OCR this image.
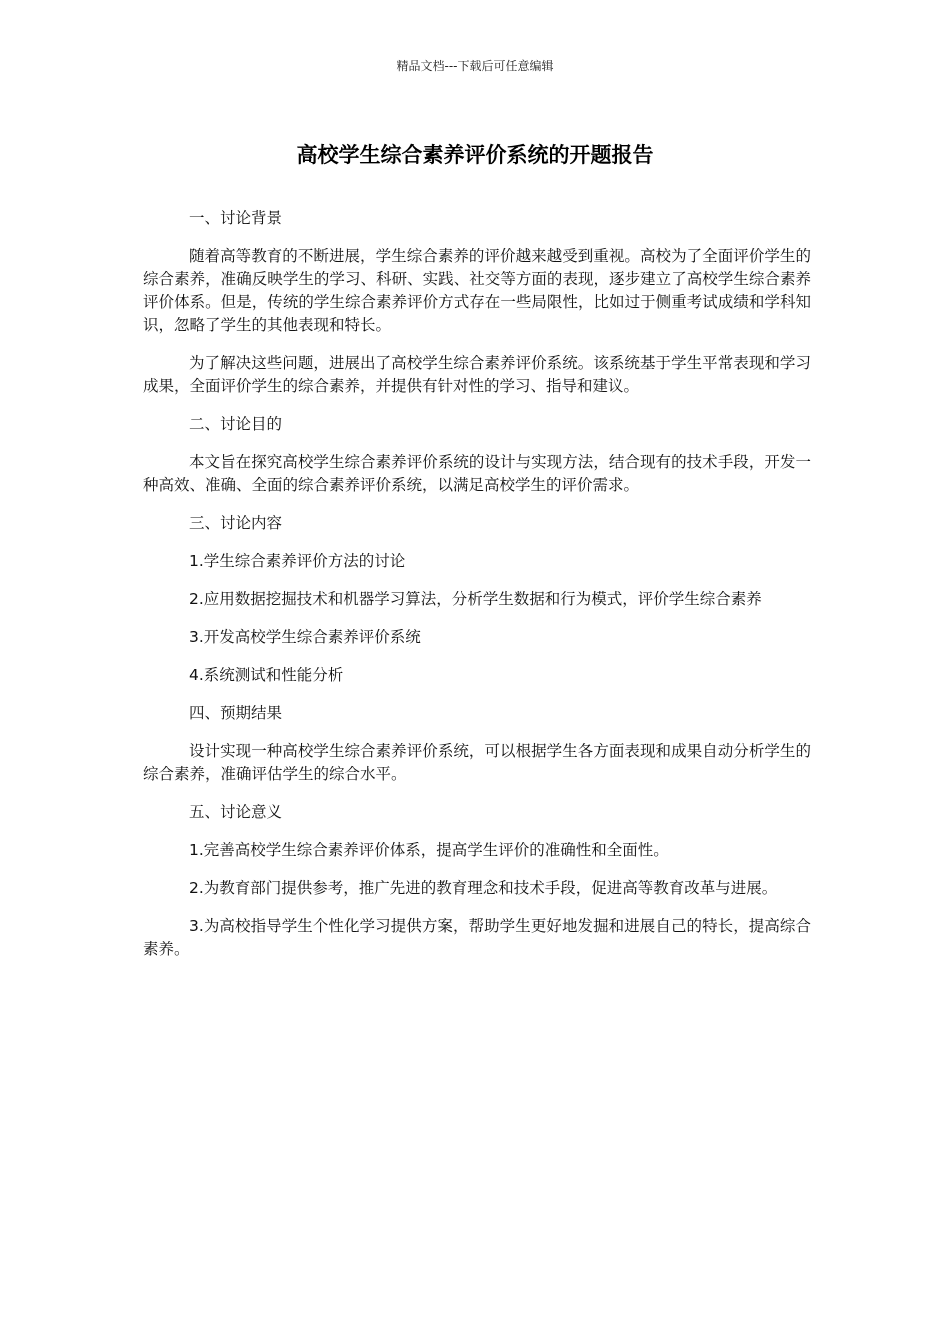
精品文档---下载后可任意编辑
高校学生综合素养评价系统的开题报告

一、讨论背景

随着高等教育的不断进展，学生综合素养的评价越来越受到重视。高校为了全面评价学生的综合素养，准确反映学生的学习、科研、实践、社交等方面的表现，逐步建立了高校学生综合素养评价体系。但是，传统的学生综合素养评价方式存在一些局限性，比如过于侧重考试成绩和学科知识，忽略了学生的其他表现和特长。

为了解决这些问题，进展出了高校学生综合素养评价系统。该系统基于学生平常表现和学习成果，全面评价学生的综合素养，并提供有针对性的学习、指导和建议。

二、讨论目的

本文旨在探究高校学生综合素养评价系统的设计与实现方法，结合现有的技术手段，开发一种高效、准确、全面的综合素养评价系统，以满足高校学生的评价需求。

三、讨论内容

1.学生综合素养评价方法的讨论

2.应用数据挖掘技术和机器学习算法，分析学生数据和行为模式，评价学生综合素养

3.开发高校学生综合素养评价系统

4.系统测试和性能分析

四、预期结果

设计实现一种高校学生综合素养评价系统，可以根据学生各方面表现和成果自动分析学生的综合素养，准确评估学生的综合水平。

五、讨论意义

1.完善高校学生综合素养评价体系，提高学生评价的准确性和全面性。

2.为教育部门提供参考，推广先进的教育理念和技术手段，促进高等教育改革与进展。

3.为高校指导学生个性化学习提供方案，帮助学生更好地发掘和进展自己的特长，提高综合素养。
